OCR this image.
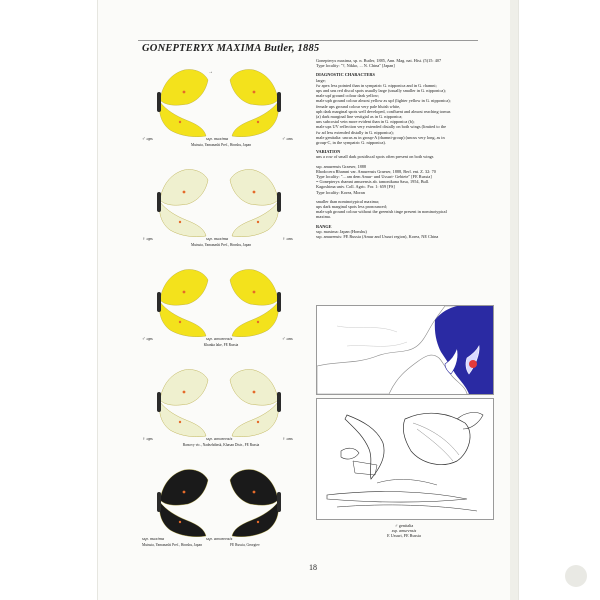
GONEPTERYX MAXIMA Butler, 1885
♂ ups	ssp. maxima	♂ uns
Mutsuta, Yamanashi Pref., Honshu, Japan
→
♀ ups	ssp. maxima	♀ uns
Mutsuta, Yamanashi Pref., Honshu, Japan
♂ ups	ssp. amurensis	♂ uns
Khanka lake, FE Russia
♀ ups	ssp. amurensis	♀ uns
Barsovy vic., Nadezhdinsk, Khasan Distr., FE Russia
ssp. maxima	ssp. amurensis
Mutsuta, Yamanashi Pref., Honshu, Japan	FE Russia, Georgiev

Gonepteryx maxima, sp. n. Butler, 1885, Ann. Mag. nat. Hist. (5)15: 407

Type locality: "?, Nikko, ... N. China" [Japan]

DIAGNOSTIC CHARACTERS

large;

fw apex less pointed than in sympatric G. nipponica and in G. rhamni;

ups and uns red discal spots usually large (usually smaller in G. nipponica);

male upf ground colour dark yellow;

male uph ground colour almost yellow as upf (lighter yellow in G. nipponica);

female ups ground colour very pale bluish white,

uph dark marginal spots well developed, confluent and almost reaching tornus

(a) dark marginal line vestigial as in G. nipponica;

uns subcostal vein more evident than in G. nipponica (b);

male ups UV reflection very extended distally on both wings (limited to the

fw ad less extended distally in G. nipponica);

male genitalia: uncus as in group-A (rhamni-group) (uncus very long, as in

group-C, in the sympatric G. nipponica).

VARIATION

uns a row of small dark postdiscal spots often present on both wings

ssp. amurensis Graeser, 1888

Rhodocera Rhamni var. Amurensis Graeser, 1888, Berl. ent. Z. 32: 70

Type locality: "... am dem Amur- und Ussuri- Gebiete" [FE Russia]

= Gonepteryx rhamni amurensis ab. tamonikana Sasa, 1954, Bull.

Kagoshima univ. Coll. Agric. For. 1: 659 [FS]

Type locality: Korea, Moran

smaller than nominotypical maxima;

ups dark marginal spots less pronounced;

male uph ground colour without the greenish tinge present in nominotypical

maxima.

RANGE

ssp. maxima: Japan (Honshu)

ssp. amurensis: FE Russia (Amur and Ussuri region), Korea, NE China

♂ genitalia
ssp. amurensis
E Ussuri, FE Russia
18
